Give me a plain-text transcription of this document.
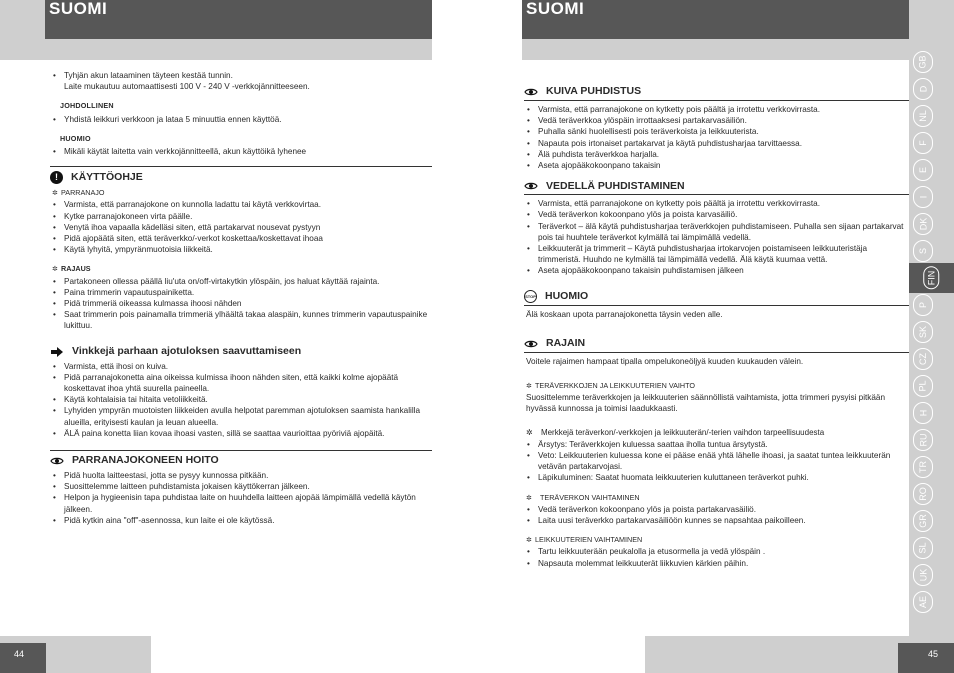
SUOMI	SUOMI
GB
D
NL
F
E
I
DK
S
FIN
P
SK
CZ
PL
H
RU
TR
RO
GR
SL
UK
AE
• Tyhjän akun lataaminen täyteen kestää tunnin.
Laite mukautuu automaattisesti 100 V - 240 V -verkkojännitteeseen.
JOHDOLLINEN
• Yhdistä leikkuri verkkoon ja lataa 5 minuuttia ennen käyttöä.
HUOMIO
• Mikäli käytät laitetta vain verkkojännitteellä, akun käyttöikä lyhenee
!	KÄYTTÖOHJE
✲ PARRANAJO
• Varmista, että parranajokone on kunnolla ladattu tai käytä verkkovirtaa.
• Kytke parranajokoneen virta päälle.
• Venytä ihoa vapaalla kädelläsi siten, että partakarvat nousevat pystyyn
• Pidä ajopäätä siten, että teräverkko/-verkot koskettaa/koskettavat ihoaa
• Käytä lyhyitä, ympyränmuotoisia liikkeitä.
✲ RAJAUS
• Partakoneen ollessa päällä liu'uta on/off-virtakytkin ylöspäin, jos haluat käyttää rajainta.
• Paina trimmerin vapautuspainiketta.
• Pidä trimmeriä oikeassa kulmassa ihoosi nähden
• Saat trimmerin pois painamalla trimmeriä ylhäältä takaa alaspäin, kunnes trimmerin vapautuspainike lukittuu.
Vinkkejä parhaan ajotuloksen saavuttamiseen
• Varmista, että ihosi on kuiva.
• Pidä parranajokonetta aina oikeissa kulmissa ihoon nähden siten, että kaikki kolme ajopäätä koskettavat ihoa yhtä suurella paineella.
• Käytä kohtalaisia tai hitaita vetoliikkeitä.
• Lyhyiden ympyrän muotoisten liikkeiden avulla helpotat paremman ajotuloksen saamista hankalilla alueilla, erityisesti kaulan ja leuan alueella.
• ÄLÄ paina konetta liian kovaa ihoasi vasten, sillä se saattaa vaurioittaa pyöriviä ajopäitä.
PARRANAJOKONEEN HOITO
• Pidä huolta laitteestasi, jotta se pysyy kunnossa pitkään.
• Suosittelemme laitteen puhdistamista jokaisen käyttökerran jälkeen.
• Helpon ja hygieenisin tapa puhdistaa laite on huuhdella laitteen ajopää lämpimällä vedellä käytön jälkeen.
• Pidä kytkin aina "off"-asennossa, kun laite ei ole käytössä.
KUIVA PUHDISTUS
• Varmista, että parranajokone on kytketty pois päältä ja irrotettu verkkovirrasta.
• Vedä teräverkkoa ylöspäin irrottaaksesi partakarvasäiliön.
• Puhalla sänki huolellisesti pois teräverkoista ja leikkuuterista.
• Napauta pois irtonaiset partakarvat ja käytä puhdistusharjaa tarvittaessa.
• Älä puhdista teräverkkoa harjalla.
• Aseta ajopääkokoonpano takaisin
VEDELLÄ PUHDISTAMINEN
• Varmista, että parranajokone on kytketty pois päältä ja irrotettu verkkovirrasta.
• Vedä teräverkon kokoonpano ylös ja poista karvasäiliö.
• Teräverkot – älä käytä puhdistusharjaa teräverkkojen puhdistamiseen. Puhalla sen sijaan partakarvat pois tai huuhtele teräverkot kylmällä tai lämpimällä vedellä.
• Leikkuuterät ja trimmerit – Käytä puhdistusharjaa irtokarvojen poistamiseen leikkuuteristäja trimmeristä. Huuhdo ne kylmällä tai lämpimällä vedellä. Älä käytä kuumaa vettä.
• Aseta ajopääkokoonpano takaisin puhdistamisen jälkeen
STOP HUOMIO
Älä koskaan upota parranajokonetta täysin veden alle.
RAJAIN
Voitele rajaimen hampaat tipalla ompelukoneöljyä kuuden kuukauden välein.
✲ TERÄVERKKOJEN JA LEIKKUUTERIEN VAIHTO
Suosittelemme teräverkkojen ja leikkuuterien säännöllistä vaihtamista, jotta trimmeri pysyisi pitkään hyvässä kunnossa ja toimisi laadukkaasti.
✲
Merkkejä teräverkon/-verkkojen ja leikkuuterän/-terien vaihdon tarpeellisuudesta
• Ärsytys: Teräverkkojen kuluessa saattaa iholla tuntua ärsytystä.
• Veto: Leikkuuterien kuluessa kone ei pääse enää yhtä lähelle ihoasi, ja saatat tuntea leikkuuterän vetävän partakarvojasi.
• Läpikuluminen: Saatat huomata leikkuuterien kuluttaneen teräverkot puhki.
✲
TERÄVERKON VAIHTAMINEN
• Vedä teräverkon kokoonpano ylös ja poista partakarvasäiliö.
• Laita uusi teräverkko partakarvasäiliöön kunnes se napsahtaa paikoilleen.
✲ LEIKKUUTERIEN VAIHTAMINEN
• Tartu leikkuuterään peukalolla ja etusormella ja vedä ylöspäin .
• Napsauta molemmat leikkuuterät liikkuvien kärkien päihin.
44	45
